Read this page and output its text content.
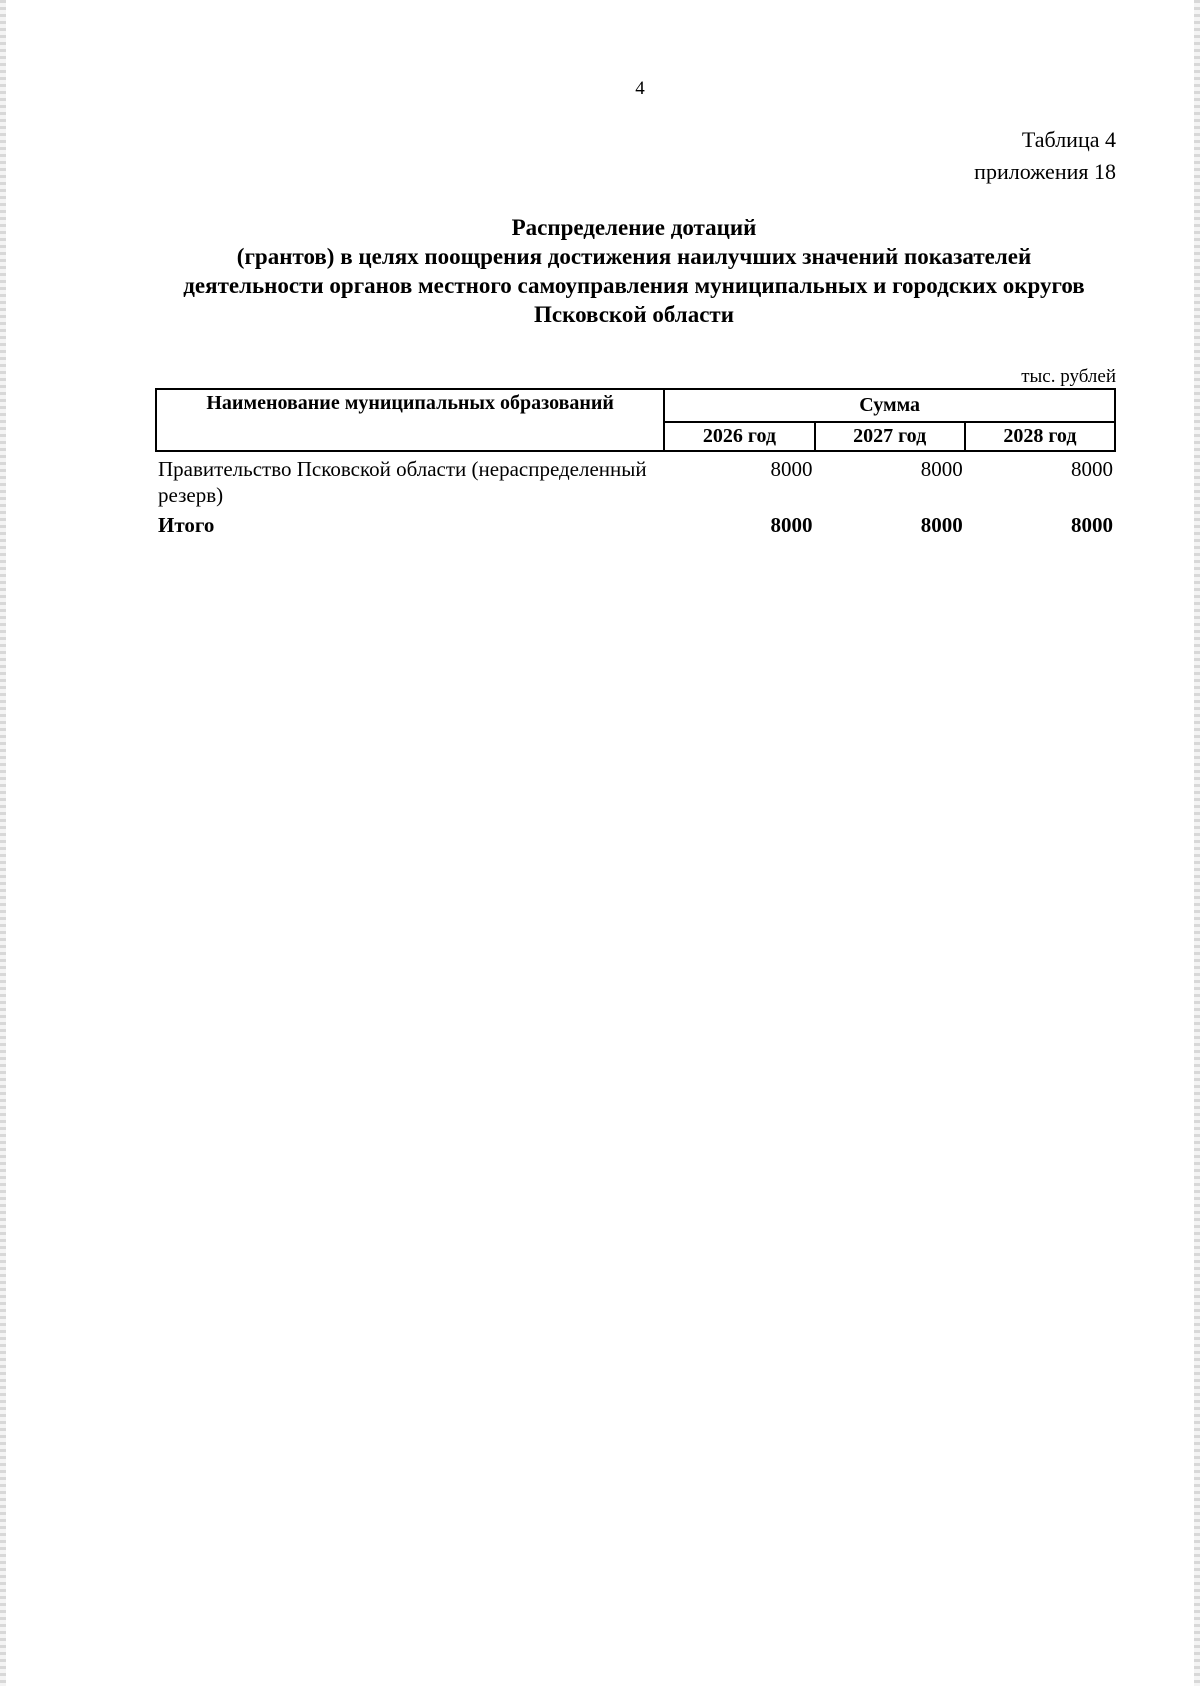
4
Таблица 4
приложения 18
Распределение дотаций
(грантов) в целях поощрения достижения наилучших значений показателей
деятельности органов местного самоуправления муниципальных и городских округов
Псковской области
тыс. рублей
Наименование муниципальных образований	Сумма		
	2026 год	2027 год	2028 год
Правительство Псковской области (нераспределенный резерв)	8000	8000	8000
Итого	8000	8000	8000
